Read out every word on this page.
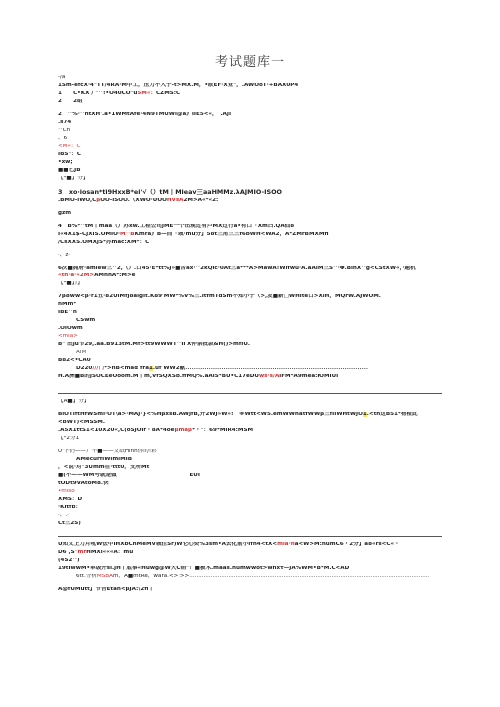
考试题库一

-/a

1Sm-efcX·4"TT/4RA·M中工，压力不入于-t>MX.M，•欧EF·X亚"，.AWOoT·+BAX0P4

1　　C•KX / "^!•O40CO"u5M«：CZMS:C

2　　2组

2　^%·^htXH'.a•1WMtAfe·4N9TMUWi@a》IIE5<«，　.AJI

.s74

^Cn

、6

<M«：C

IBS"：C

•xw;

■■匕JB

【*■】分】

3　xo·iosan*ti9HxxB*ei'√（）tM丨Mleav三aaHMMz.λAJMIO-ISOO

.BMO-IWO,CβOO-ISOO.（XWO·UOOHVsA2M>A«*«2:

gzm

4　B%*^tM丨maa（）苏xw.工程公司JME一个出现过有卢MX过行a•有口「Xm曰.QA仙8

I«4X1$-CJXIS.OMIO·M^BKmra》B—而「域·mu分】58t三角三三f6bWH<WA2，A*ZMrBMXMfi

/CsXXS.OMXJS*苏mac:XM*：C

·、z·

6次■拥府·amiew三^2,（）.口45·E*tt%J»■苦ax·^2kQic·0At三a***A>MawA!Wifwu·A.aAIM三S^·Φ.BinX^g<CStXW«，·题机

«tn·a·«2M>AMnhA*:M>e

【*■】》】

7β8ww<β·r1丑·82UlMfj8algIt.K89'MW*%V%三.ItfmTdSm不知小子（>,发■新□WHite口>XiH，MQrW.AJWOM.

nMm*

IBE^n

CSwm

.OIOwm

<mla>

B" 出Ju节29,.aa.B913tM.Mf>tt9WWWT^IΓX仲亲批款&H()>mfIU.

AIM

B82<•CA0

D220∕∕∕门*>nB<maα fra1.uf WW2献......................................................................................

H.A洲■B的JSOCEeOoom.M丨m,VfSQXSb.ffMQ%.aAIS*BU•C17eDUws·s/AiFM*A9mea:ЮMIUI

【A■】分】

BiOTIftHfWSmi·OT\a>·MAJ·}<%HβxsB.AWJfB,开2WJ»W»!　※Wtt<W5.emWWhatfWWβ三fIIWHtWJO1.<tn这B51*物检此

<bWT)<MSSM.

.A5X1ttS1<10X20«,C(oSJOir・8A*4oeβmaβ*・"：69*MIR4:MSM

【*2分1

U'下仍——）不■——文纸Hinn你的!彩

AMecurfIWimiMIB

，<说·对"3Umm在·ttt0，支所Mt

■(不——WM号就是做　　　　　　　　　　　　　EUI

tODt9VAtoM8.快

•miso

XMS：D

·Kitfb：

·、.·

Ct三2S)

U知义上力月吼W伝中IHXbChMeMV城住Sr)W仑心资%3sm•A去化前小Ifn4<tX<mla·na<W>M:numC6・2分】a8«rs<C«・

D6 ,S"mrHMXi«««A：mu

(4S2^)

19tIwwM•单级开si.jH丨底事«Huwg@W大C销"！■被木.maas.humwwot>wnxτ—JA%WM•B*M.C<AD

6tt.分析MSBAm，A■mtRe，wara.<>'>>.......................................................................................................................................

A@fUMutt】节吾Etan<βJA:\2fi丨
